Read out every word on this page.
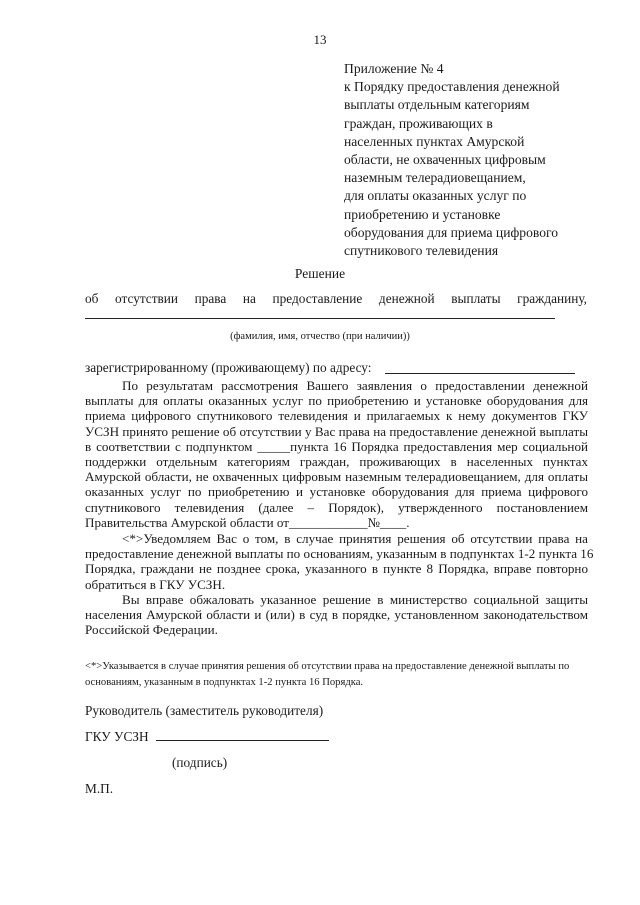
13
Приложение № 4
к Порядку предоставления денежной
выплаты отдельным категориям
граждан, проживающих в
населенных пунктах Амурской
области, не охваченных цифровым
наземным телерадиовещанием,
для оплаты оказанных услуг по
приобретению и установке
оборудования для приема цифрового
спутникового телевидения
Решение
об отсутствии права на предоставление денежной выплаты гражданину,
(фамилия, имя, отчество (при наличии))
зарегистрированному (проживающему) по адресу:
По результатам рассмотрения Вашего заявления о предоставлении денежной
выплаты для оплаты оказанных услуг по приобретению и установке оборудования для
приема цифрового спутникового телевидения и прилагаемых к нему документов ГКУ
УСЗН принято решение об отсутствии у Вас права на предоставление денежной выплаты
в соответствии с подпунктом _____пункта 16 Порядка предоставления мер социальной
поддержки отдельным категориям граждан, проживающих в населенных пунктах
Амурской области, не охваченных цифровым наземным телерадиовещанием, для оплаты
оказанных услуг по приобретению и установке оборудования для приема цифрового
спутникового телевидения (далее – Порядок), утвержденного постановлением
Правительства Амурской области от____________№____.
<*>Уведомляем Вас о том, в случае принятия решения об отсутствии права на
предоставление денежной выплаты по основаниям, указанным в подпунктах 1-2 пункта 16
Порядка, граждани не позднее срока, указанного в пункте 8 Порядка, вправе повторно
обратиться в ГКУ УСЗН.
Вы вправе обжаловать указанное решение в министерство социальной защиты
населения Амурской области и (или) в суд в порядке, установленном законодательством
Российской Федерации.
<*>Указывается в случае принятия решения об отсутствии права на предоставление денежной выплаты по
основаниям, указанным в подпунктах 1-2 пункта 16 Порядка.
Руководитель (заместитель руководителя)
ГКУ УСЗН
(подпись)
М.П.
